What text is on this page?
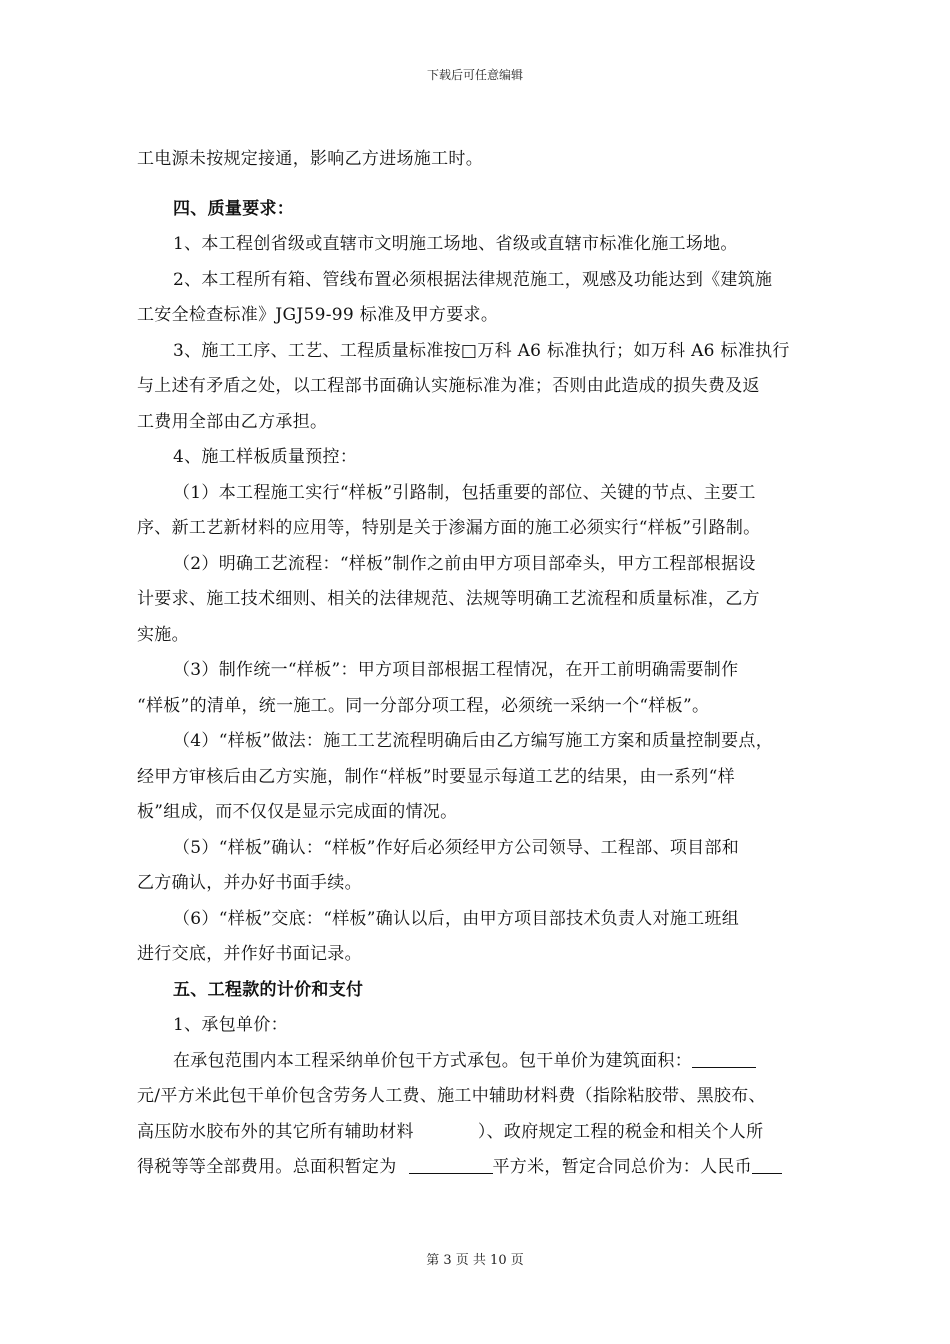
下载后可任意编辑
工电源未按规定接通，影响乙方进场施工时。
四、质量要求：
1、本工程创省级或直辖市文明施工场地、省级或直辖市标准化施工场地。
2、本工程所有箱、管线布置必须根据法律规范施工，观感及功能达到《建筑施
工安全检查标准》JGJ59-99 标准及甲方要求。
3、施工工序、工艺、工程质量标准按□万科 A6 标准执行；如万科 A6 标准执行
与上述有矛盾之处，以工程部书面确认实施标准为准；否则由此造成的损失费及返
工费用全部由乙方承担。
4、施工样板质量预控：
（1）本工程施工实行“样板”引路制，包括重要的部位、关键的节点、主要工
序、新工艺新材料的应用等，特别是关于渗漏方面的施工必须实行“样板”引路制。
（2）明确工艺流程：“样板”制作之前由甲方项目部牵头，甲方工程部根据设
计要求、施工技术细则、相关的法律规范、法规等明确工艺流程和质量标准，乙方
实施。
（3）制作统一“样板”：甲方项目部根据工程情况，在开工前明确需要制作
“样板”的清单，统一施工。同一分部分项工程，必须统一采纳一个“样板”。
（4）“样板”做法：施工工艺流程明确后由乙方编写施工方案和质量控制要点，
经甲方审核后由乙方实施，制作“样板”时要显示每道工艺的结果，由一系列“样
板”组成，而不仅仅是显示完成面的情况。
（5）“样板”确认：“样板”作好后必须经甲方公司领导、工程部、项目部和
乙方确认，并办好书面手续。
（6）“样板”交底：“样板”确认以后，由甲方项目部技术负责人对施工班组
进行交底，并作好书面记录。
五、工程款的计价和支付
1、承包单价：
在承包范围内本工程采纳单价包干方式承包。包干单价为建筑面积：
元/平方米此包干单价包含劳务人工费、施工中辅助材料费（指除粘胶带、黑胶布、
高压防水胶布外的其它所有辅助材料	）、政府规定工程的税金和相关个人所
得税等等全部费用。总面积暂定为	平方米，暂定合同总价为：人民币
第 3 页 共 10 页
